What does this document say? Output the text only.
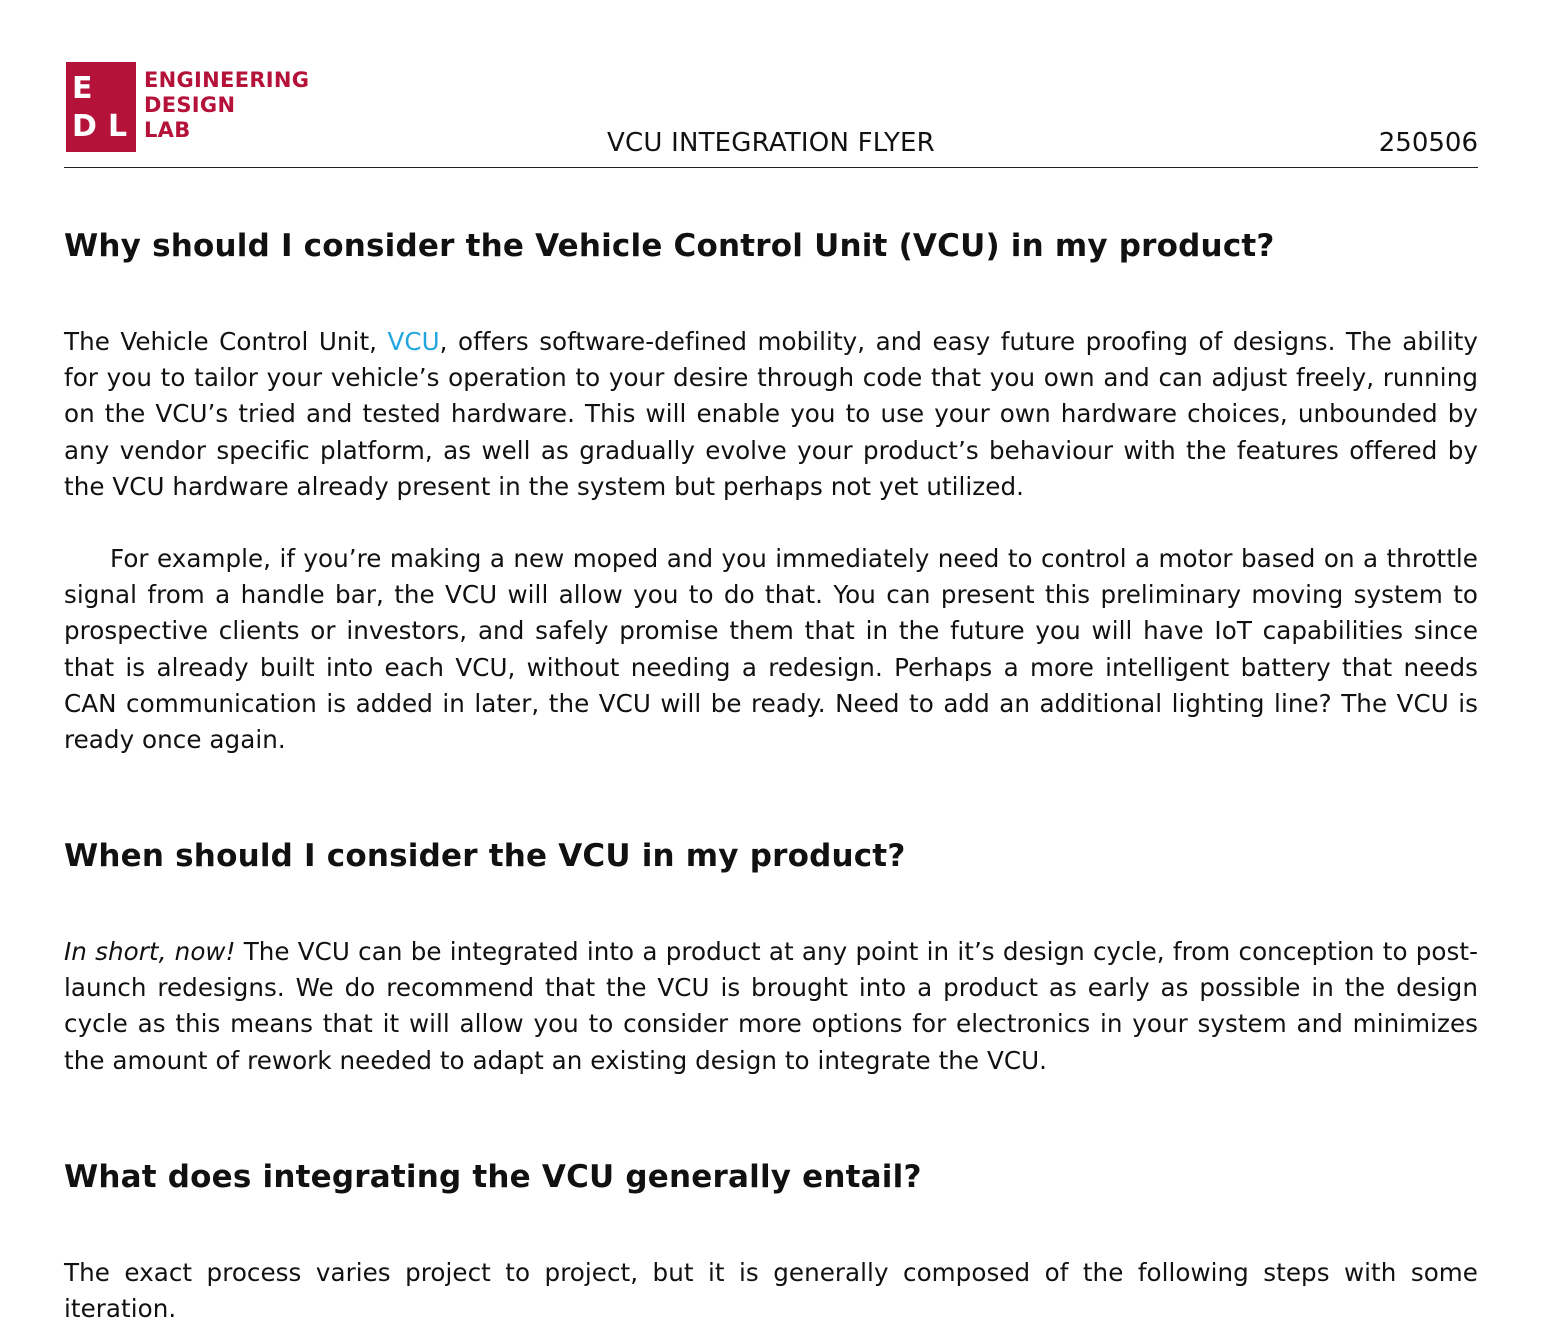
E
D L
ENGINEERING
DESIGN
LAB	VCU INTEGRATION FLYER	250506
Why should I consider the Vehicle Control Unit (VCU) in my product?

The Vehicle Control Unit, VCU, offers software-defined mobility, and easy future proofing of designs. The ability for you to tailor your vehicle’s operation to your desire through code that you own and can adjust freely, running on the VCU’s tried and tested hardware. This will enable you to use your own hardware choices, unbounded by any vendor specific platform, as well as gradually evolve your product’s behaviour with the features offered by the VCU hardware already present in the system but perhaps not yet utilized.

For example, if you’re making a new moped and you immediately need to control a motor based on a throttle signal from a handle bar, the VCU will allow you to do that. You can present this preliminary moving system to prospective clients or investors, and safely promise them that in the future you will have IoT capabilities since that is already built into each VCU, without needing a redesign. Perhaps a more intelligent battery that needs CAN communication is added in later, the VCU will be ready. Need to add an additional lighting line? The VCU is ready once again.

When should I consider the VCU in my product?

In short, now! The VCU can be integrated into a product at any point in it’s design cycle, from conception to post-launch redesigns. We do recommend that the VCU is brought into a product as early as possible in the design cycle as this means that it will allow you to consider more options for electronics in your system and minimizes the amount of rework needed to adapt an existing design to integrate the VCU.

What does integrating the VCU generally entail?

The exact process varies project to project, but it is generally composed of the following steps with some iteration.
